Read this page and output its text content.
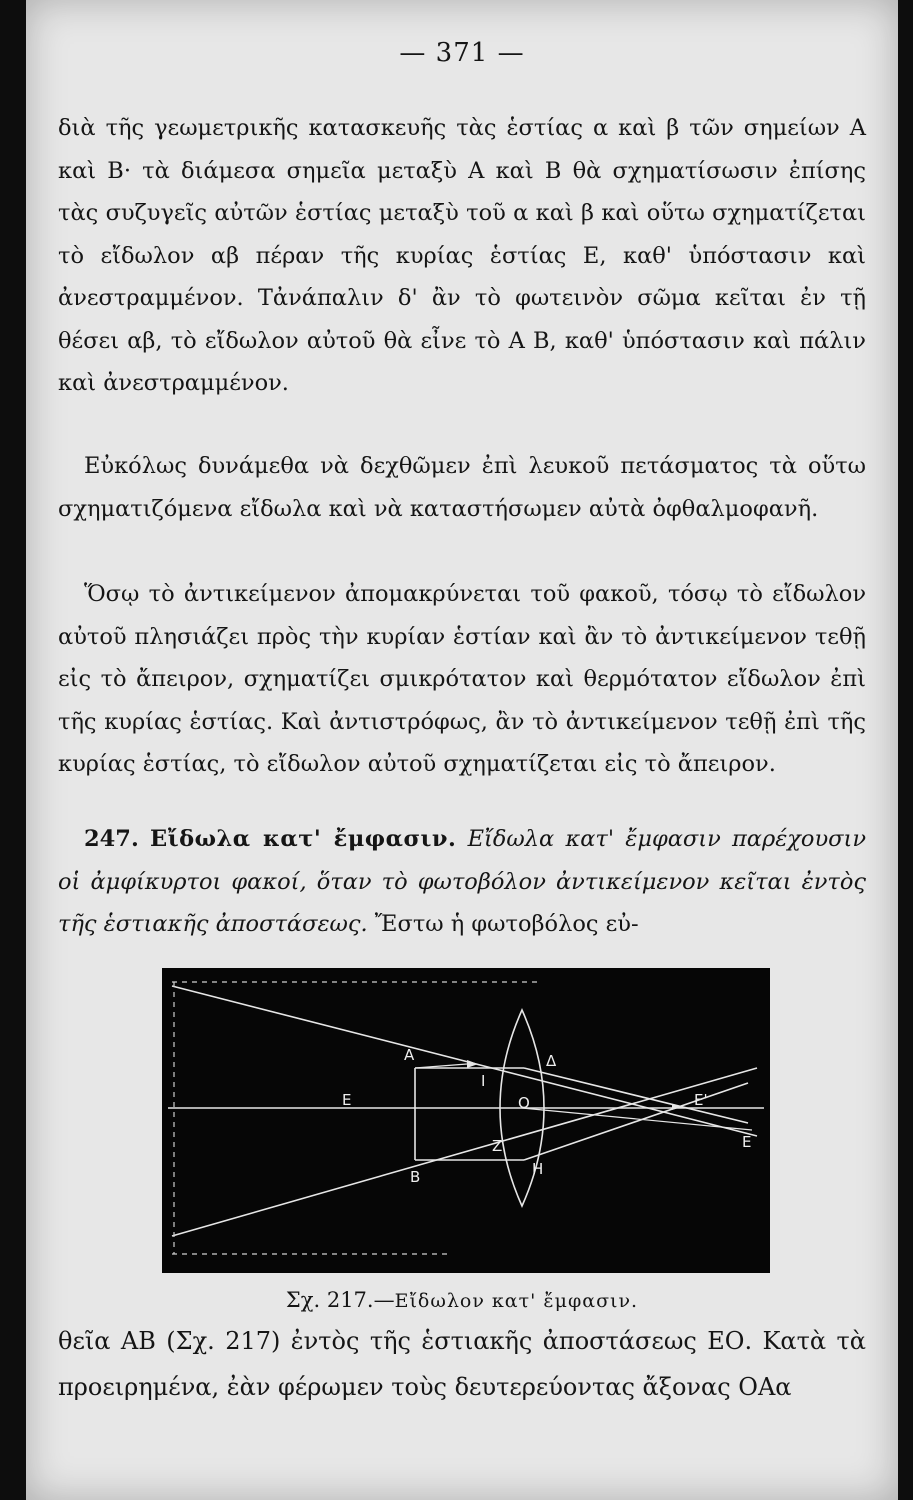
— 371 —

διὰ τῆς γεωμετρικῆς κατασκευῆς τὰς ἑστίας α καὶ β τῶν σημείων Α καὶ Β· τὰ διάμεσα σημεῖα μεταξὺ Α καὶ Β θὰ σχηματίσωσιν ἐπίσης τὰς συζυγεῖς αὐτῶν ἑστίας μεταξὺ τοῦ α καὶ β καὶ οὕτω σχηματίζεται τὸ εἴδωλον αβ πέραν τῆς κυρίας ἑστίας Ε, καθ' ὑπόστασιν καὶ ἀνεστραμμένον. Τἀνάπαλιν δ' ἂν τὸ φωτεινὸν σῶμα κεῖται ἐν τῇ θέσει αβ, τὸ εἴδωλον αὐτοῦ θὰ εἶνε τὸ Α Β, καθ' ὑπόστασιν καὶ πάλιν καὶ ἀνεστραμμένον.

Εὐκόλως δυνάμεθα νὰ δεχθῶμεν ἐπὶ λευκοῦ πετάσματος τὰ οὕτω σχηματιζόμενα εἴδωλα καὶ νὰ καταστήσωμεν αὐτὰ ὀφθαλμοφανῆ.

Ὅσῳ τὸ ἀντικείμενον ἀπομακρύνεται τοῦ φακοῦ, τόσῳ τὸ εἴδωλον αὐτοῦ πλησιάζει πρὸς τὴν κυρίαν ἑστίαν καὶ ἂν τὸ ἀντικείμενον τεθῇ εἰς τὸ ἄπειρον, σχηματίζει σμικρότατον καὶ θερμότατον εἴδωλον ἐπὶ τῆς κυρίας ἑστίας. Καὶ ἀντιστρόφως, ἂν τὸ ἀντικείμενον τεθῇ ἐπὶ τῆς κυρίας ἑστίας, τὸ εἴδωλον αὐτοῦ σχηματίζεται εἰς τὸ ἄπειρον.

247. Εἴδωλα κατ' ἔμφασιν. Εἴδωλα κατ' ἔμφασιν παρέχουσιν οἱ ἀμφίκυρτοι φακοί, ὅταν τὸ φωτοβόλον ἀντικείμενον κεῖται ἐντὸς τῆς ἑστιακῆς ἀποστάσεως. Ἔστω ἡ φωτοβόλος εὐ-

Α	Δ
Ι
Ο
Ε	Ε'
Ε
Ζ
Η
Β
Σχ. 217.—Εἴδωλον κατ' ἔμφασιν.

θεῖα ΑΒ (Σχ. 217) ἐντὸς τῆς ἑστιακῆς ἀποστάσεως ΕΟ. Κατὰ τὰ προειρημένα, ἐὰν φέρωμεν τοὺς δευτερεύοντας ἄξονας ΟΑα
